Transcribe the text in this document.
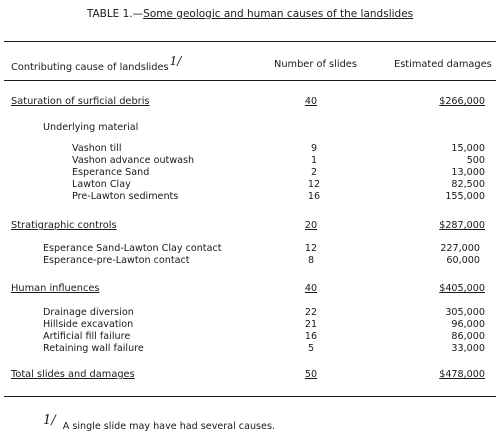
TABLE 1.—Some geologic and human causes of the landslides
Contributing cause of landslides1/	Number of slides	Estimated damages
Saturation of surficial debris	40	$266,000
Underlying material
Vashon till	9	15,000
Vashon advance outwash	1	500
Esperance Sand	2	13,000
Lawton Clay	12	82,500
Pre-Lawton sediments	16	155,000
Stratigraphic controls	20	$287,000
Esperance Sand-Lawton Clay contact	12	227,000
Esperance-pre-Lawton contact	8	60,000
Human influences	40	$405,000
Drainage diversion	22	305,000
Hillside excavation	21	96,000
Artificial fill failure	16	86,000
Retaining wall failure	5	33,000
Total slides and damages	50	$478,000
1/ A single slide may have had several causes.
